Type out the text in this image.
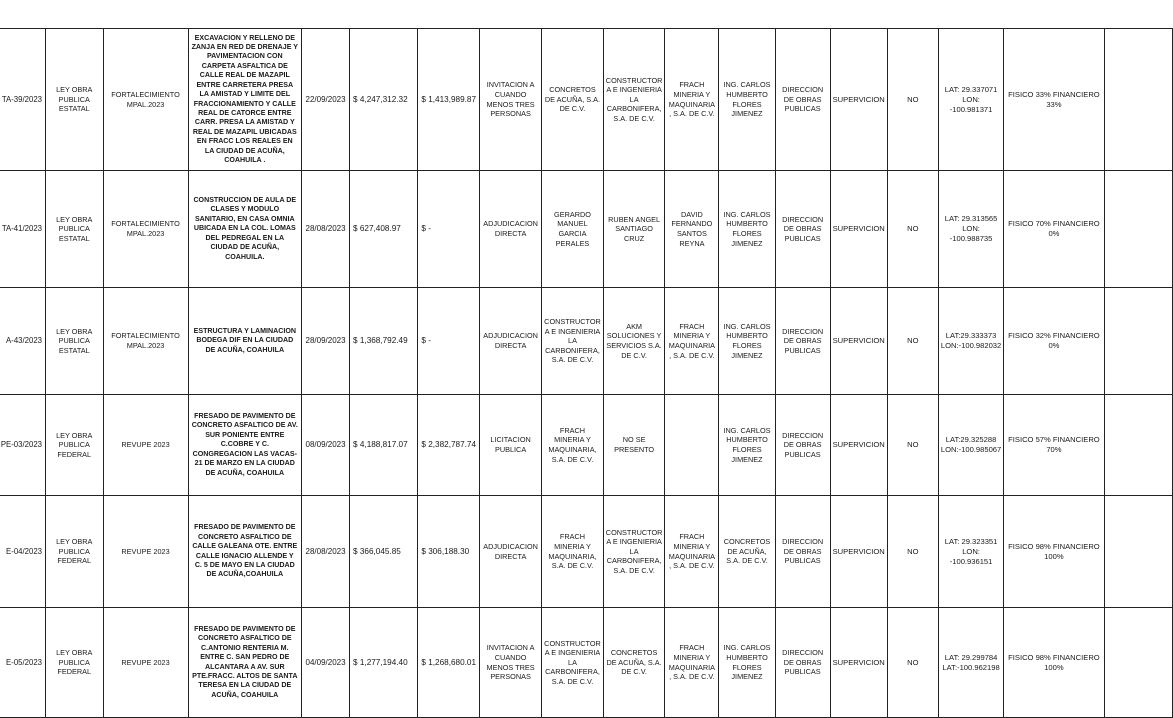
TA-39/2023	LEY OBRA PUBLICA ESTATAL	FORTALECIMIENTO MPAL.2023	EXCAVACION Y RELLENO DE ZANJA EN RED DE DRENAJE Y PAVIMENTACION CON CARPETA ASFALTICA DE CALLE REAL DE MAZAPIL ENTRE CARRETERA PRESA LA AMISTAD Y LIMITE DEL FRACCIONAMIENTO Y CALLE REAL DE CATORCE ENTRE CARR. PRESA LA AMISTAD Y REAL DE MAZAPIL UBICADAS EN FRACC LOS REALES EN LA CIUDAD DE ACUÑA, COAHUILA .	22/09/2023	$ 4,247,312.32	$ 1,413,989.87	INVITACION A CUANDO MENOS TRES PERSONAS	CONCRETOS DE ACUÑA, S.A. DE C.V.	CONSTRUCTOR A E INGENIERIA LA CARBONIFERA, S.A. DE C.V.	FRACH MINERIA Y MAQUINARIA , S.A. DE C.V.	ING. CARLOS HUMBERTO FLORES JIMENEZ	DIRECCION DE OBRAS PUBLICAS	SUPERVICION	NO	LAT: 29.337071 LON: -100.981371	FISICO 33% FINANCIERO 33%	
TA-41/2023	LEY OBRA PUBLICA ESTATAL	FORTALECIMIENTO MPAL.2023	CONSTRUCCION DE AULA DE CLASES Y MODULO SANITARIO, EN CASA OMNIA UBICADA EN LA COL. LOMAS DEL PEDREGAL EN LA CIUDAD DE ACUÑA, COAHUILA.	28/08/2023	$ 627,408.97	$ -	ADJUDICACION DIRECTA	GERARDO MANUEL GARCIA PERALES	RUBEN ANGEL SANTIAGO CRUZ	DAVID FERNANDO SANTOS REYNA	ING. CARLOS HUMBERTO FLORES JIMENEZ	DIRECCION DE OBRAS PUBLICAS	SUPERVICION	NO	LAT: 29.313565 LON: -100.988735	FISICO 70% FINANCIERO 0%	
A-43/2023	LEY OBRA PUBLICA ESTATAL	FORTALECIMIENTO MPAL.2023	ESTRUCTURA Y LAMINACION BODEGA DIF EN LA CIUDAD DE ACUÑA, COAHUILA	28/09/2023	$ 1,368,792.49	$ -	ADJUDICACION DIRECTA	CONSTRUCTOR A E INGENIERIA LA CARBONIFERA, S.A. DE C.V.	AKM SOLUCIONES Y SERVICIOS S.A. DE C.V.	FRACH MINERIA Y MAQUINARIA , S.A. DE C.V.	ING. CARLOS HUMBERTO FLORES JIMENEZ	DIRECCION DE OBRAS PUBLICAS	SUPERVICION	NO	LAT:29.333373 LON:-100.982032	FISICO 32% FINANCIERO 0%	
PE-03/2023	LEY OBRA PUBLICA FEDERAL	REVUPE 2023	FRESADO DE PAVIMENTO DE CONCRETO ASFALTICO DE AV. SUR PONIENTE ENTRE C.COBRE Y C. CONGREGACION LAS VACAS-21 DE MARZO EN LA CIUDAD DE ACUÑA, COAHUILA	08/09/2023	$ 4,188,817.07	$ 2,382,787.74	LICITACION PUBLICA	FRACH MINERIA Y MAQUINARIA, S.A. DE C.V.	NO SE PRESENTO		ING. CARLOS HUMBERTO FLORES JIMENEZ	DIRECCION DE OBRAS PUBLICAS	SUPERVICION	NO	LAT:29.325288 LON:-100.985067	FISICO 57% FINANCIERO 70%	
E-04/2023	LEY OBRA PUBLICA FEDERAL	REVUPE 2023	FRESADO DE PAVIMENTO DE CONCRETO ASFALTICO DE CALLE GALEANA OTE. ENTRE CALLE IGNACIO ALLENDE Y C. 5 DE MAYO EN LA CIUDAD DE ACUÑA,COAHUILA	28/08/2023	$ 366,045.85	$ 306,188.30	ADJUDICACION DIRECTA	FRACH MINERIA Y MAQUINARIA, S.A. DE C.V.	CONSTRUCTOR A E INGENIERIA LA CARBONIFERA, S.A. DE C.V.	FRACH MINERIA Y MAQUINARIA , S.A. DE C.V.	CONCRETOS DE ACUÑA, S.A. DE C.V.	DIRECCION DE OBRAS PUBLICAS	SUPERVICION	NO	LAT: 29.323351 LON: -100.936151	FISICO 98% FINANCIERO 100%	
E-05/2023	LEY OBRA PUBLICA FEDERAL	REVUPE 2023	FRESADO DE PAVIMENTO DE CONCRETO ASFALTICO DE C.ANTONIO RENTERIA M. ENTRE C. SAN PEDRO DE ALCANTARA A AV. SUR PTE.FRACC. ALTOS DE SANTA TERESA EN LA CIUDAD DE ACUÑA, COAHUILA	04/09/2023	$ 1,277,194.40	$ 1,268,680.01	INVITACION A CUANDO MENOS TRES PERSONAS	CONSTRUCTOR A E INGENIERIA LA CARBONIFERA, S.A. DE C.V.	CONCRETOS DE ACUÑA, S.A. DE C.V.	FRACH MINERIA Y MAQUINARIA , S.A. DE C.V.	ING. CARLOS HUMBERTO FLORES JIMENEZ	DIRECCION DE OBRAS PUBLICAS	SUPERVICION	NO	LAT: 29.299784 LAT:-100.962198	FISICO 98% FINANCIERO 100%	
